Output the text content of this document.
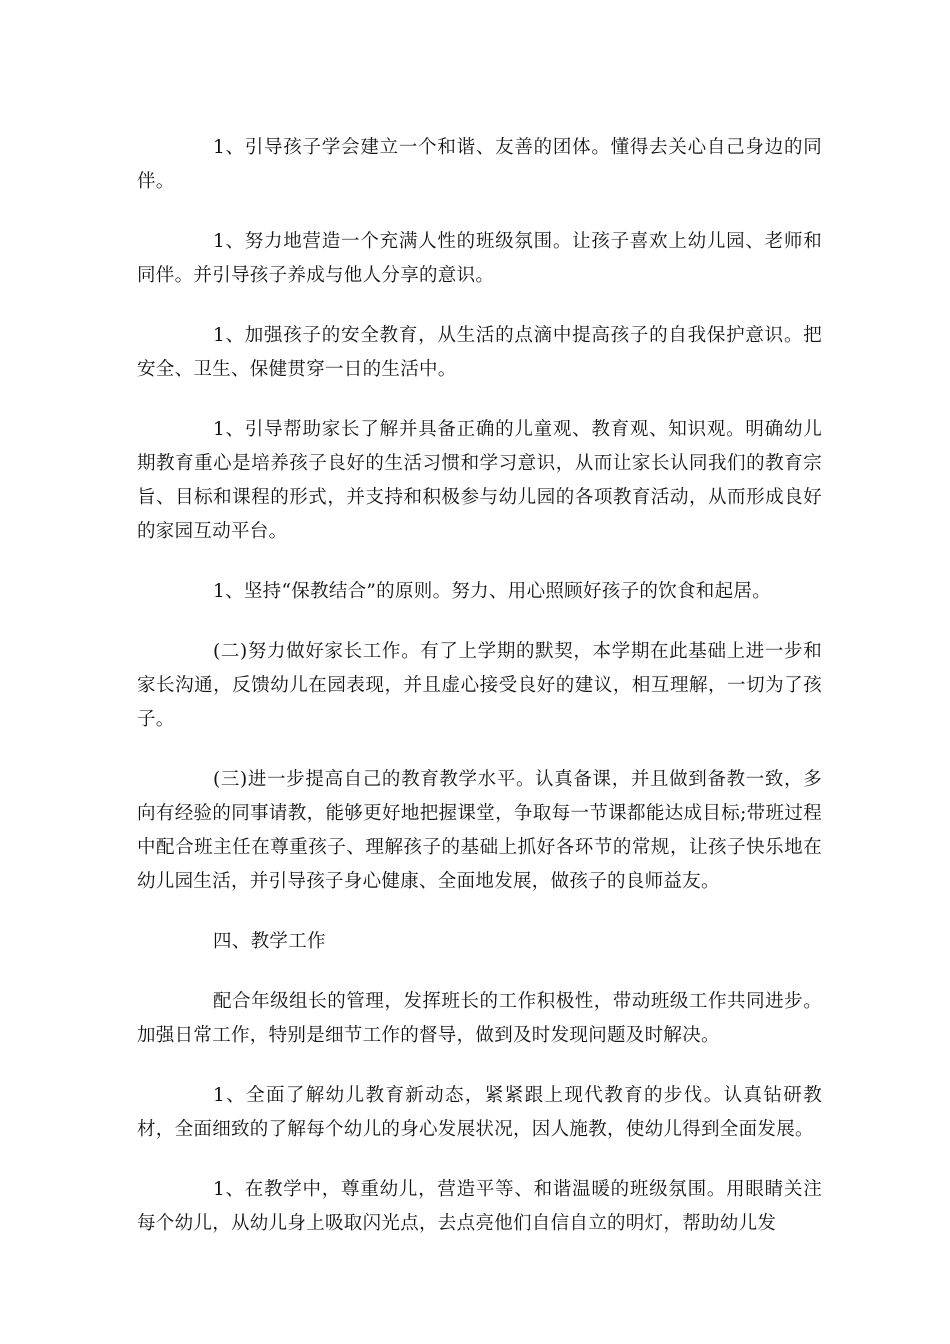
1、引导孩子学会建立一个和谐、友善的团体。懂得去关心自己身边的同伴。

1、努力地营造一个充满人性的班级氛围。让孩子喜欢上幼儿园、老师和同伴。并引导孩子养成与他人分享的意识。

1、加强孩子的安全教育，从生活的点滴中提高孩子的自我保护意识。把安全、卫生、保健贯穿一日的生活中。

1、引导帮助家长了解并具备正确的儿童观、教育观、知识观。明确幼儿期教育重心是培养孩子良好的生活习惯和学习意识，从而让家长认同我们的教育宗旨、目标和课程的形式，并支持和积极参与幼儿园的各项教育活动，从而形成良好的家园互动平台。

1、坚持“保教结合”的原则。努力、用心照顾好孩子的饮食和起居。

(二)努力做好家长工作。有了上学期的默契，本学期在此基础上进一步和家长沟通，反馈幼儿在园表现，并且虚心接受良好的建议，相互理解，一切为了孩子。

(三)进一步提高自己的教育教学水平。认真备课，并且做到备教一致，多向有经验的同事请教，能够更好地把握课堂，争取每一节课都能达成目标;带班过程中配合班主任在尊重孩子、理解孩子的基础上抓好各环节的常规，让孩子快乐地在幼儿园生活，并引导孩子身心健康、全面地发展，做孩子的良师益友。

四、教学工作

配合年级组长的管理，发挥班长的工作积极性，带动班级工作共同进步。加强日常工作，特别是细节工作的督导，做到及时发现问题及时解决。

1、全面了解幼儿教育新动态，紧紧跟上现代教育的步伐。认真钻研教材，全面细致的了解每个幼儿的身心发展状况，因人施教，使幼儿得到全面发展。

1、在教学中，尊重幼儿，营造平等、和谐温暖的班级氛围。用眼睛关注每个幼儿，从幼儿身上吸取闪光点，去点亮他们自信自立的明灯，帮助幼儿发
